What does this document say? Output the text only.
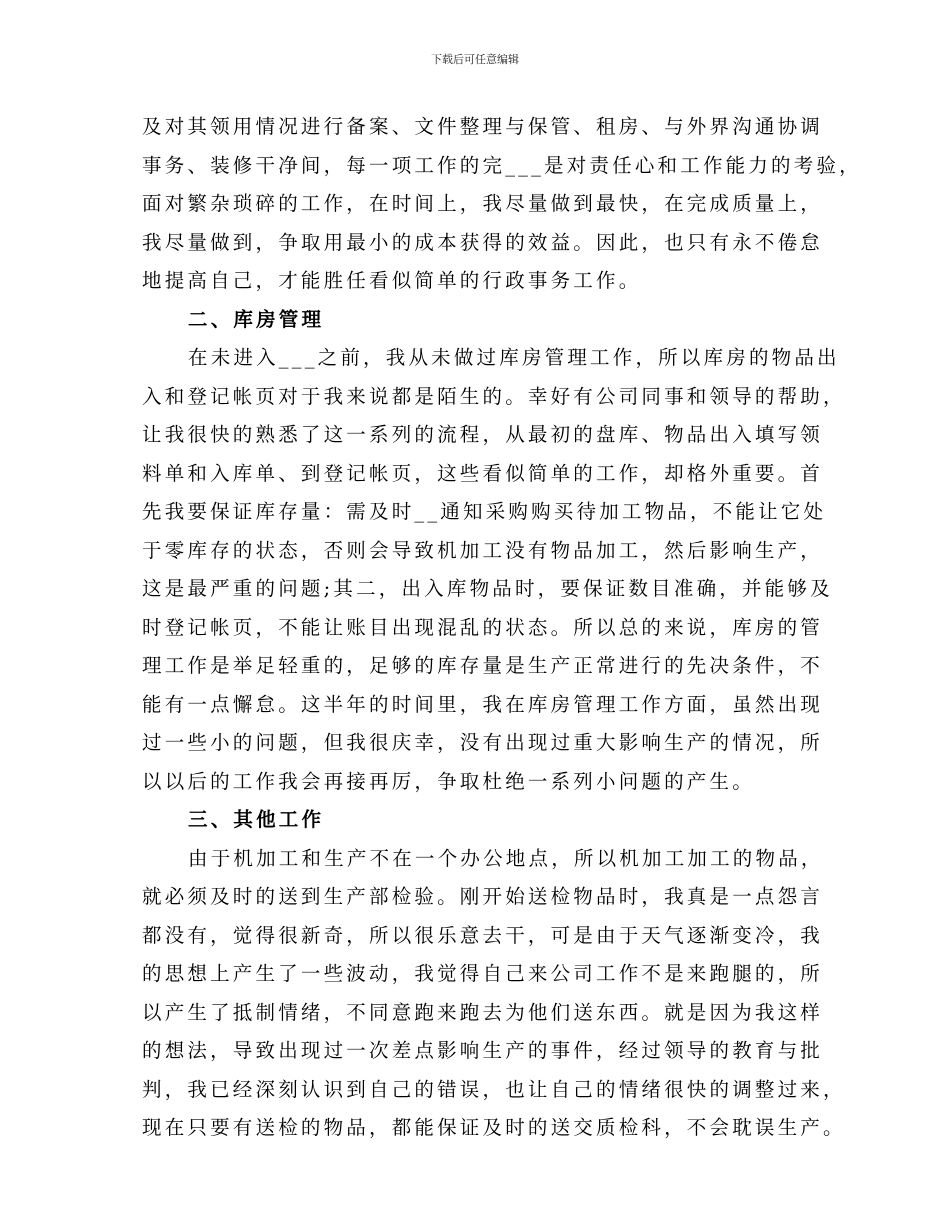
下载后可任意编辑

及对其领用情况进行备案、文件整理与保管、租房、与外界沟通协调

事务、装修干净间，每一项工作的完___是对责任心和工作能力的考验，

面对繁杂琐碎的工作，在时间上，我尽量做到最快，在完成质量上，

我尽量做到，争取用最小的成本获得的效益。因此，也只有永不倦怠

地提高自己，才能胜任看似简单的行政事务工作。

二、库房管理

在未进入___之前，我从未做过库房管理工作，所以库房的物品出

入和登记帐页对于我来说都是陌生的。幸好有公司同事和领导的帮助，

让我很快的熟悉了这一系列的流程，从最初的盘库、物品出入填写领

料单和入库单、到登记帐页，这些看似简单的工作，却格外重要。首

先我要保证库存量：需及时__通知采购购买待加工物品，不能让它处

于零库存的状态，否则会导致机加工没有物品加工，然后影响生产，

这是最严重的问题;其二，出入库物品时，要保证数目准确，并能够及

时登记帐页，不能让账目出现混乱的状态。所以总的来说，库房的管

理工作是举足轻重的，足够的库存量是生产正常进行的先决条件，不

能有一点懈怠。这半年的时间里，我在库房管理工作方面，虽然出现

过一些小的问题，但我很庆幸，没有出现过重大影响生产的情况，所

以以后的工作我会再接再厉，争取杜绝一系列小问题的产生。

三、其他工作

由于机加工和生产不在一个办公地点，所以机加工加工的物品，

就必须及时的送到生产部检验。刚开始送检物品时，我真是一点怨言

都没有，觉得很新奇，所以很乐意去干，可是由于天气逐渐变冷，我

的思想上产生了一些波动，我觉得自己来公司工作不是来跑腿的，所

以产生了抵制情绪，不同意跑来跑去为他们送东西。就是因为我这样

的想法，导致出现过一次差点影响生产的事件，经过领导的教育与批

判，我已经深刻认识到自己的错误，也让自己的情绪很快的调整过来，

现在只要有送检的物品，都能保证及时的送交质检科，不会耽误生产。
